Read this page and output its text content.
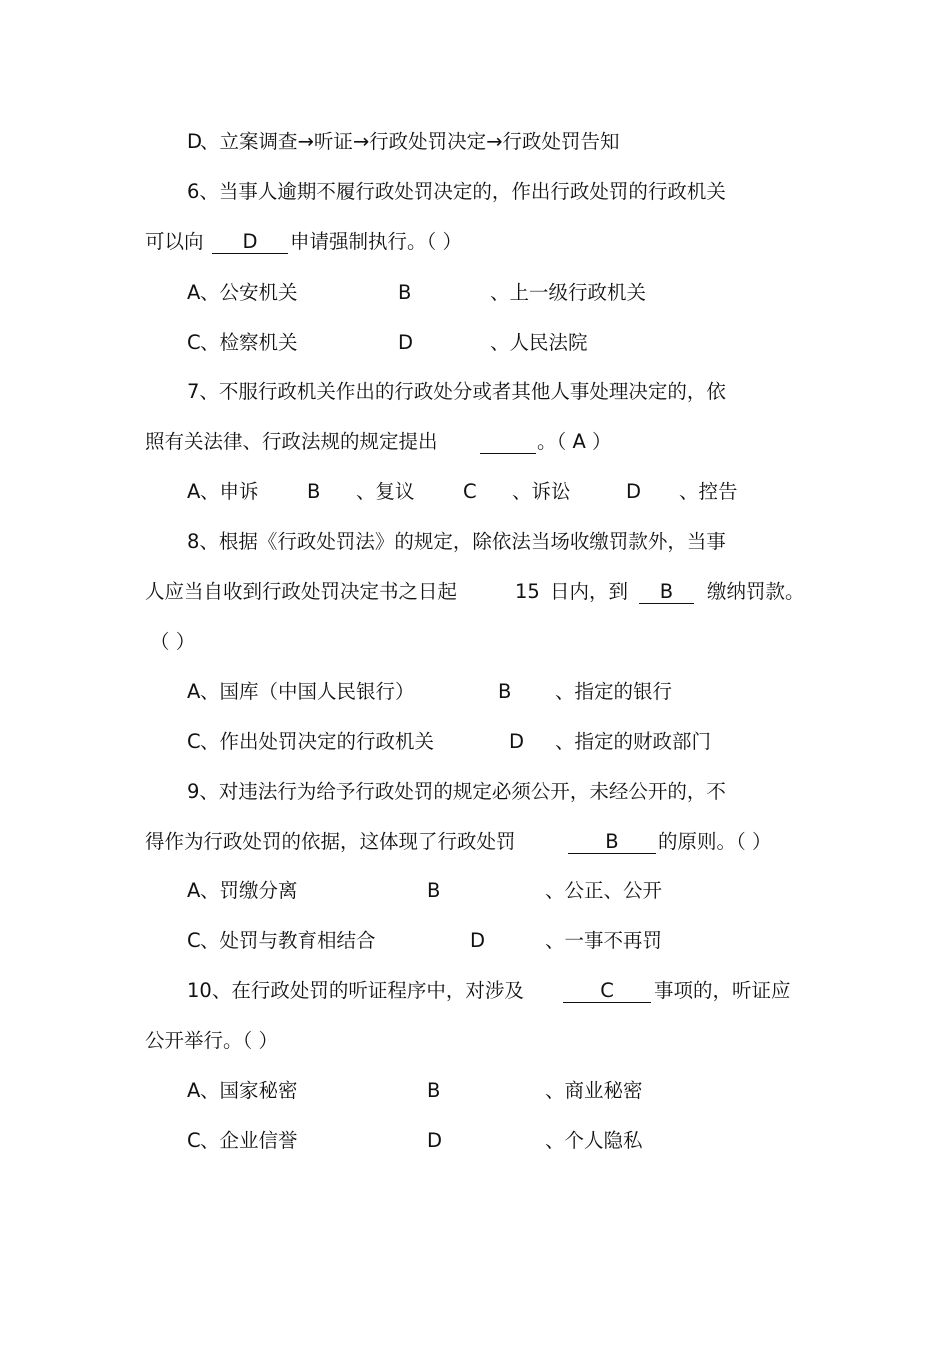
D
、立案调查→听证→行政处罚决定→行政处罚告知
6、当事人逾期不履行政处罚决定的，作出行政处罚的行政机关
可以向	D	申请强制执行。（ ）
A 、公安机关	B	、上一级行政机关
C 、检察机关	D	、人民法院
7、不服行政机关作出的行政处分或者其他人事处理决定的，依
照有关法律、行政法规的规定提出	。（ A ）
A 、申诉 B 、复议 C 、诉讼	D 、控告
8、根据《行政处罚法》的规定，除依法当场收缴罚款外，当事
人应当自收到行政处罚决定书之日起	15 日内，到	B	缴纳罚款。
（ ）
A 、国库（中国人民银行）	B 、指定的银行
C 、作出处罚决定的行政机关	D 、指定的财政部门
9、对违法行为给予行政处罚的规定必须公开，未经公开的，不
得作为行政处罚的依据，这体现了行政处罚	B	的原则。（ ）
A 、罚缴分离	B	、公正、公开
C 、处罚与教育相结合	D	、一事不再罚
10、在行政处罚的听证程序中，对涉及	C	事项的，听证应
公开举行。（ ）
A 、国家秘密	B	、商业秘密
C 、企业信誉	D	、个人隐私
